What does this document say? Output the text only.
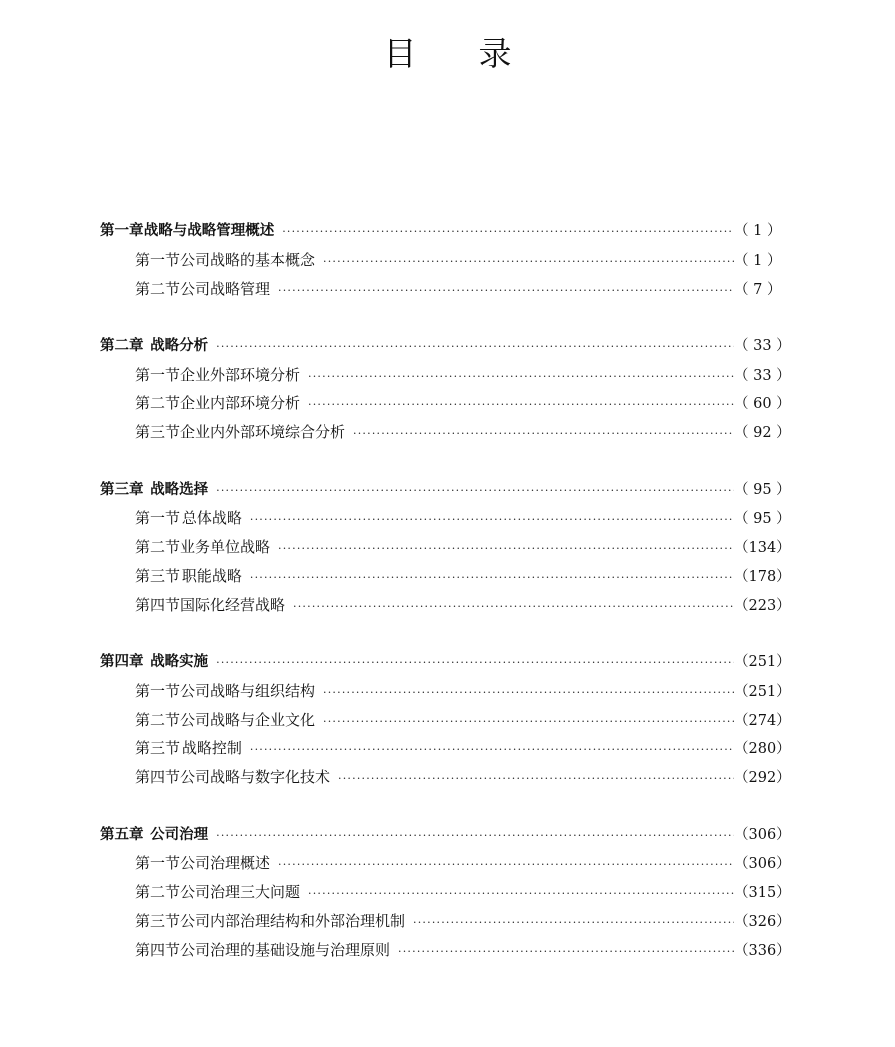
目 录
第一章 战略与战略管理概述 ·····	（ 1 ）
第一节 公司战略的基本概念 ·····	（ 1 ）
第二节 公司战略管理 ·····	（ 7 ）
第二章 战略分析 ·····	（ 33 ）
第一节 企业外部环境分析 ·····	（ 33 ）
第二节 企业内部环境分析 ·····	（ 60 ）
第三节 企业内外部环境综合分析 ·····	（ 92 ）
第三章 战略选择 ·····	（ 95 ）
第一节 总体战略 ·····	（ 95 ）
第二节 业务单位战略 ·····	（134）
第三节 职能战略 ·····	（178）
第四节 国际化经营战略 ·····	（223）
第四章 战略实施 ·····	（251）
第一节 公司战略与组织结构 ·····	（251）
第二节 公司战略与企业文化 ·····	（274）
第三节 战略控制 ·····	（280）
第四节 公司战略与数字化技术 ·····	（292）
第五章 公司治理 ·····	（306）
第一节 公司治理概述 ·····	（306）
第二节 公司治理三大问题 ·····	（315）
第三节 公司内部治理结构和外部治理机制 ·····	（326）
第四节 公司治理的基础设施与治理原则 ·····	（336）
